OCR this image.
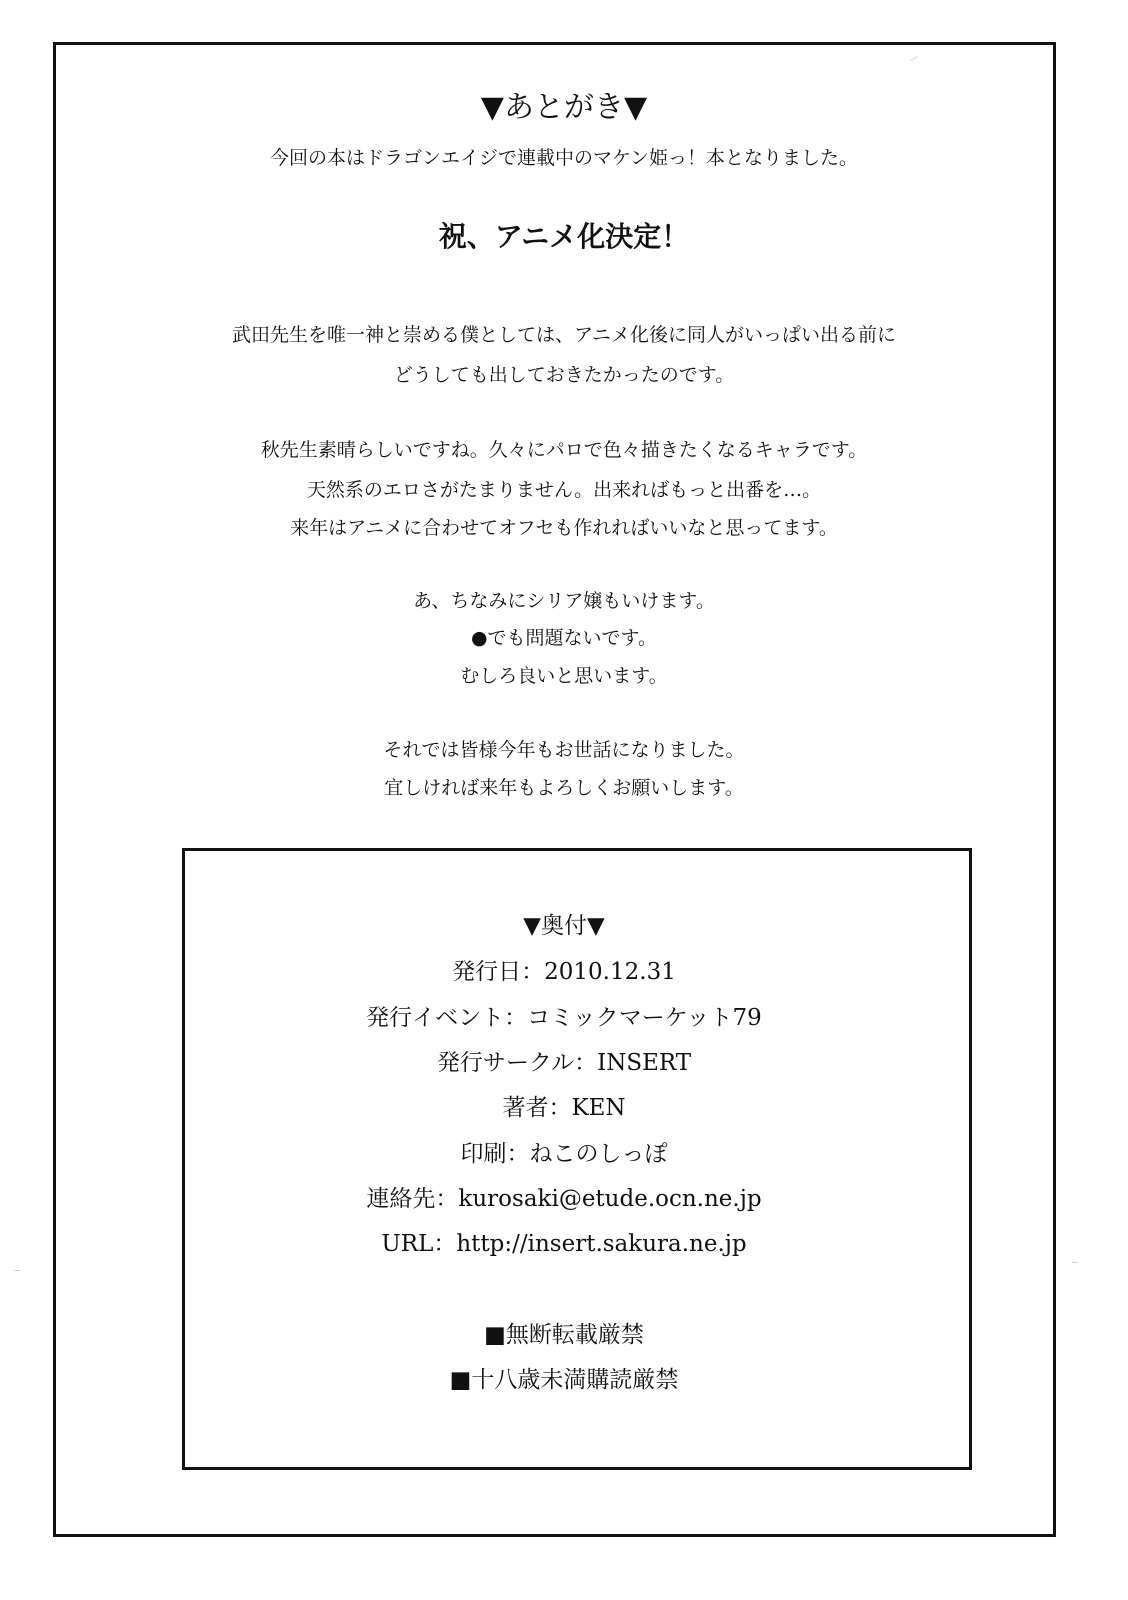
▼あとがき▼
今回の本はドラゴンエイジで連載中のマケン姫っ！本となりました。
祝、アニメ化決定！
武田先生を唯一神と崇める僕としては、アニメ化後に同人がいっぱい出る前に
どうしても出しておきたかったのです。
秋先生素晴らしいですね。久々にパロで色々描きたくなるキャラです。
天然系のエロさがたまりません。出来ればもっと出番を…。
来年はアニメに合わせてオフセも作れればいいなと思ってます。
あ、ちなみにシリア嬢もいけます。
●でも問題ないです。
むしろ良いと思います。
それでは皆様今年もお世話になりました。
宜しければ来年もよろしくお願いします。
▼奥付▼
発行日：2010.12.31
発行イベント：コミックマーケット79
発行サークル：INSERT
著者：KEN
印刷：ねこのしっぽ
連絡先：kurosaki@etude.ocn.ne.jp
URL：http://insert.sakura.ne.jp
■無断転載厳禁
■十八歳未満購読厳禁
